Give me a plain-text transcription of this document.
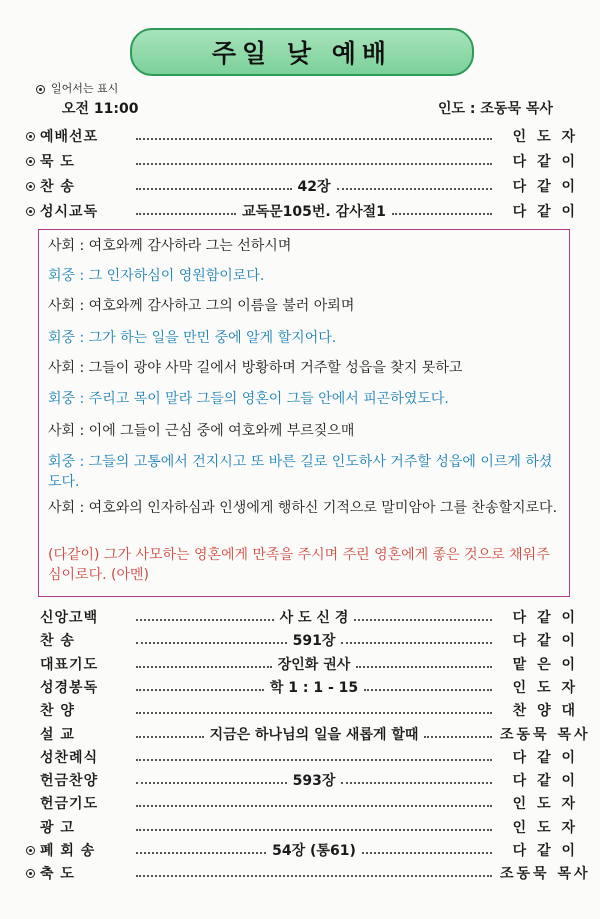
주일 낮 예배
일어서는 표시
오전 11:00	인도 : 조동묵 목사
예배선포	인 도 자
묵 도	다 같 이
찬 송	42장	다 같 이
성시교독	교독문105번. 감사절1	다 같 이
사회 : 여호와께 감사하라 그는 선하시며
회중 : 그 인자하심이 영원함이로다.
사회 : 여호와께 감사하고 그의 이름을 불러 아뢰며
회중 : 그가 하는 일을 만민 중에 알게 할지어다.
사회 : 그들이 광야 사막 길에서 방황하며 거주할 성읍을 찾지 못하고
회중 : 주리고 목이 말라 그들의 영혼이 그들 안에서 피곤하였도다.
사회 : 이에 그들이 근심 중에 여호와께 부르짖으매
회중 : 그들의 고통에서 건지시고 또 바른 길로 인도하사 거주할 성읍에 이르게 하셨도다.
사회 : 여호와의 인자하심과 인생에게 행하신 기적으로 말미암아 그를 찬송할지로다.
(다같이) 그가 사모하는 영혼에게 만족을 주시며 주린 영혼에게 좋은 것으로 채워주심이로다. (아멘)
신앙고백	사 도 신 경	다 같 이
찬 송	591장	다 같 이
대표기도	장인화 권사	맡 은 이
성경봉독	학 1 : 1 - 15	인 도 자
찬 양	찬 양 대
설 교	지금은 하나님의 일을 새롭게 할때	조동묵 목사
성찬례식	다 같 이
헌금찬양	593장	다 같 이
헌금기도	인 도 자
광 고	인 도 자
폐 회 송	54장 (통61)	다 같 이
축 도	조동묵 목사
